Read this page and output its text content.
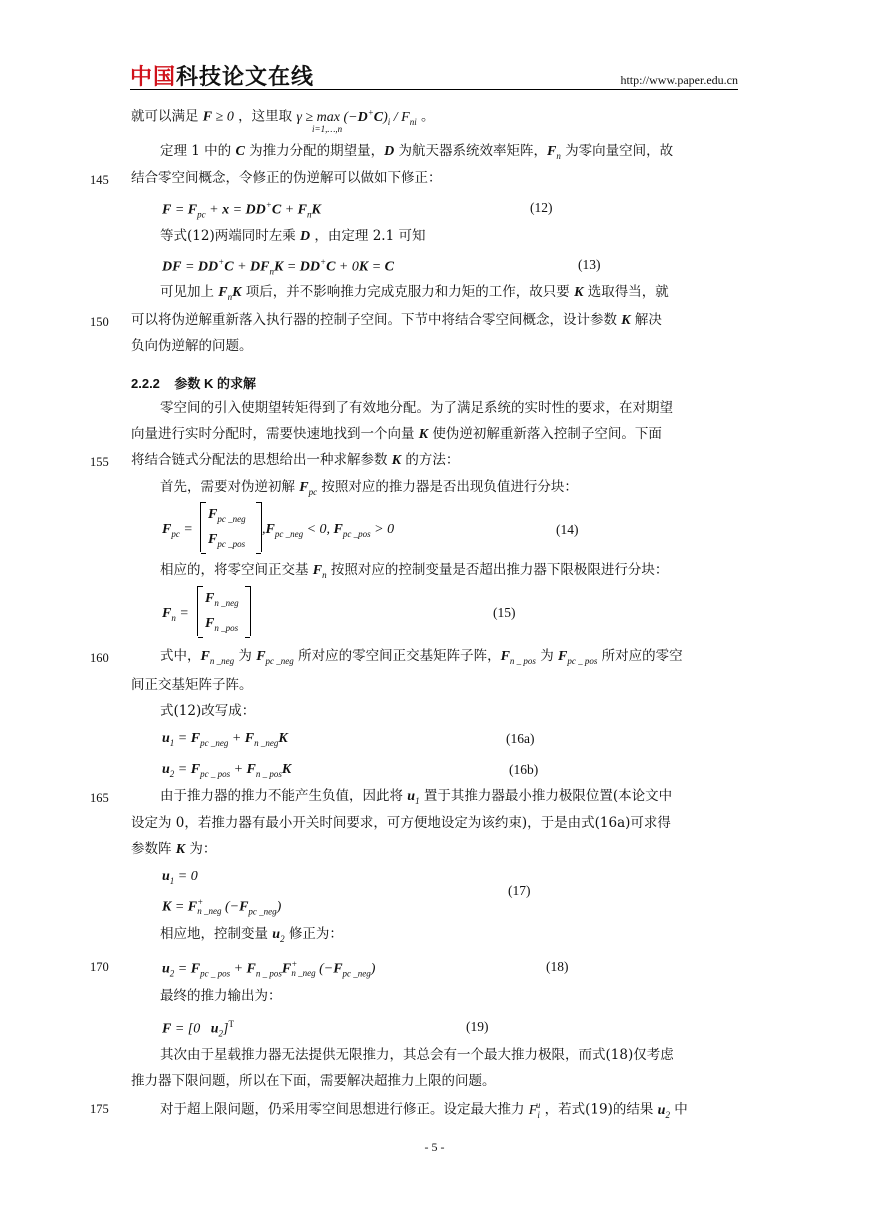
中国科技论文在线	http://www.paper.edu.cn
就可以满足 F ≥ 0 ，这里取 $\gamma \ge \max (-D^+C)_i / F_{ni}$ 。
i=1,…,n
定理 1 中的 C 为推力分配的期望量，D 为航天器系统效率矩阵，$F_n$ 为零向量空间，故
145 结合零空间概念，令修正的伪逆解可以做如下修正：
$F = F_{pc} + x = DD^+C + F_nK$	(12)
等式(12)两端同时左乘 D ，由定理 2.1 可知
DF = $DD^+C + DF_nK = DD^+C + 0K = C$	(13)
可见加上 $F_nK$ 项后，并不影响推力完成克服力和力矩的工作，故只要 K 选取得当，就
150 可以将伪逆解重新落入执行器的控制子空间。下节中将结合零空间概念，设计参数 K 解决
负向伪逆解的问题。
2.2.2 参数 K 的求解
零空间的引入使期望转矩得到了有效地分配。为了满足系统的实时性的要求，在对期望
向量进行实时分配时，需要快速地找到一个向量 K 使伪逆初解重新落入控制子空间。下面
155 将结合链式分配法的思想给出一种求解参数 K 的方法：
首先，需要对伪逆初解 $F_{pc}$ 按照对应的推力器是否出现负值进行分块：
$F_{pc}$ =
$F_{pc \_neg}$
$F_{pc \_pos}$
$,F_{pc \_neg} < 0$, $F_{pc \_pos} > 0$	(14)
相应的，将零空间正交基 $F_n$ 按照对应的控制变量是否超出推力器下限极限进行分块：
$F_n$ =
$F_{n \_neg}$
$F_{n \_pos}$
(15)
160	式中，$F_{n \_neg}$ 为 $F_{pc \_neg}$ 所对应的零空间正交基矩阵子阵，$F_{n \_ pos}$ 为 $F_{pc \_ pos}$ 所对应的零空
间正交基矩阵子阵。
式(12)改写成：
$u_1 = F_{pc \_neg} + F_{n \_neg}K$	(16a)
$u_2 = F_{pc \_ pos} + F_{n \_ pos}K$	(16b)
165	由于推力器的推力不能产生负值，因此将 $u_1$ 置于其推力器最小推力极限位置(本论文中
设定为 0，若推力器有最小开关时间要求，可方便地设定为该约束)，于是由式(16a)可求得
参数阵 K 为：
$u_1 = 0$
$K = F^+_{n \_neg}$ $(-F_{pc \_neg})$
(17)
相应地，控制变量 $u_2$ 修正为：
170	$u_2 = F_{pc \_ pos} + F_{n \_ pos}F^+_{n \_neg}$ $(-F_{pc \_neg})$	(18)
最终的推力输出为：
F = [0   $u_2]^T$	(19)
其次由于星载推力器无法提供无限推力，其总会有一个最大推力极限，而式(18)仅考虑
推力器下限问题，所以在下面，需要解决超推力上限的问题。
175	对于超上限问题，仍采用零空间思想进行修正。设定最大推力 $F_i^u$ ，若式(19)的结果 $u_2$ 中
- 5 -
